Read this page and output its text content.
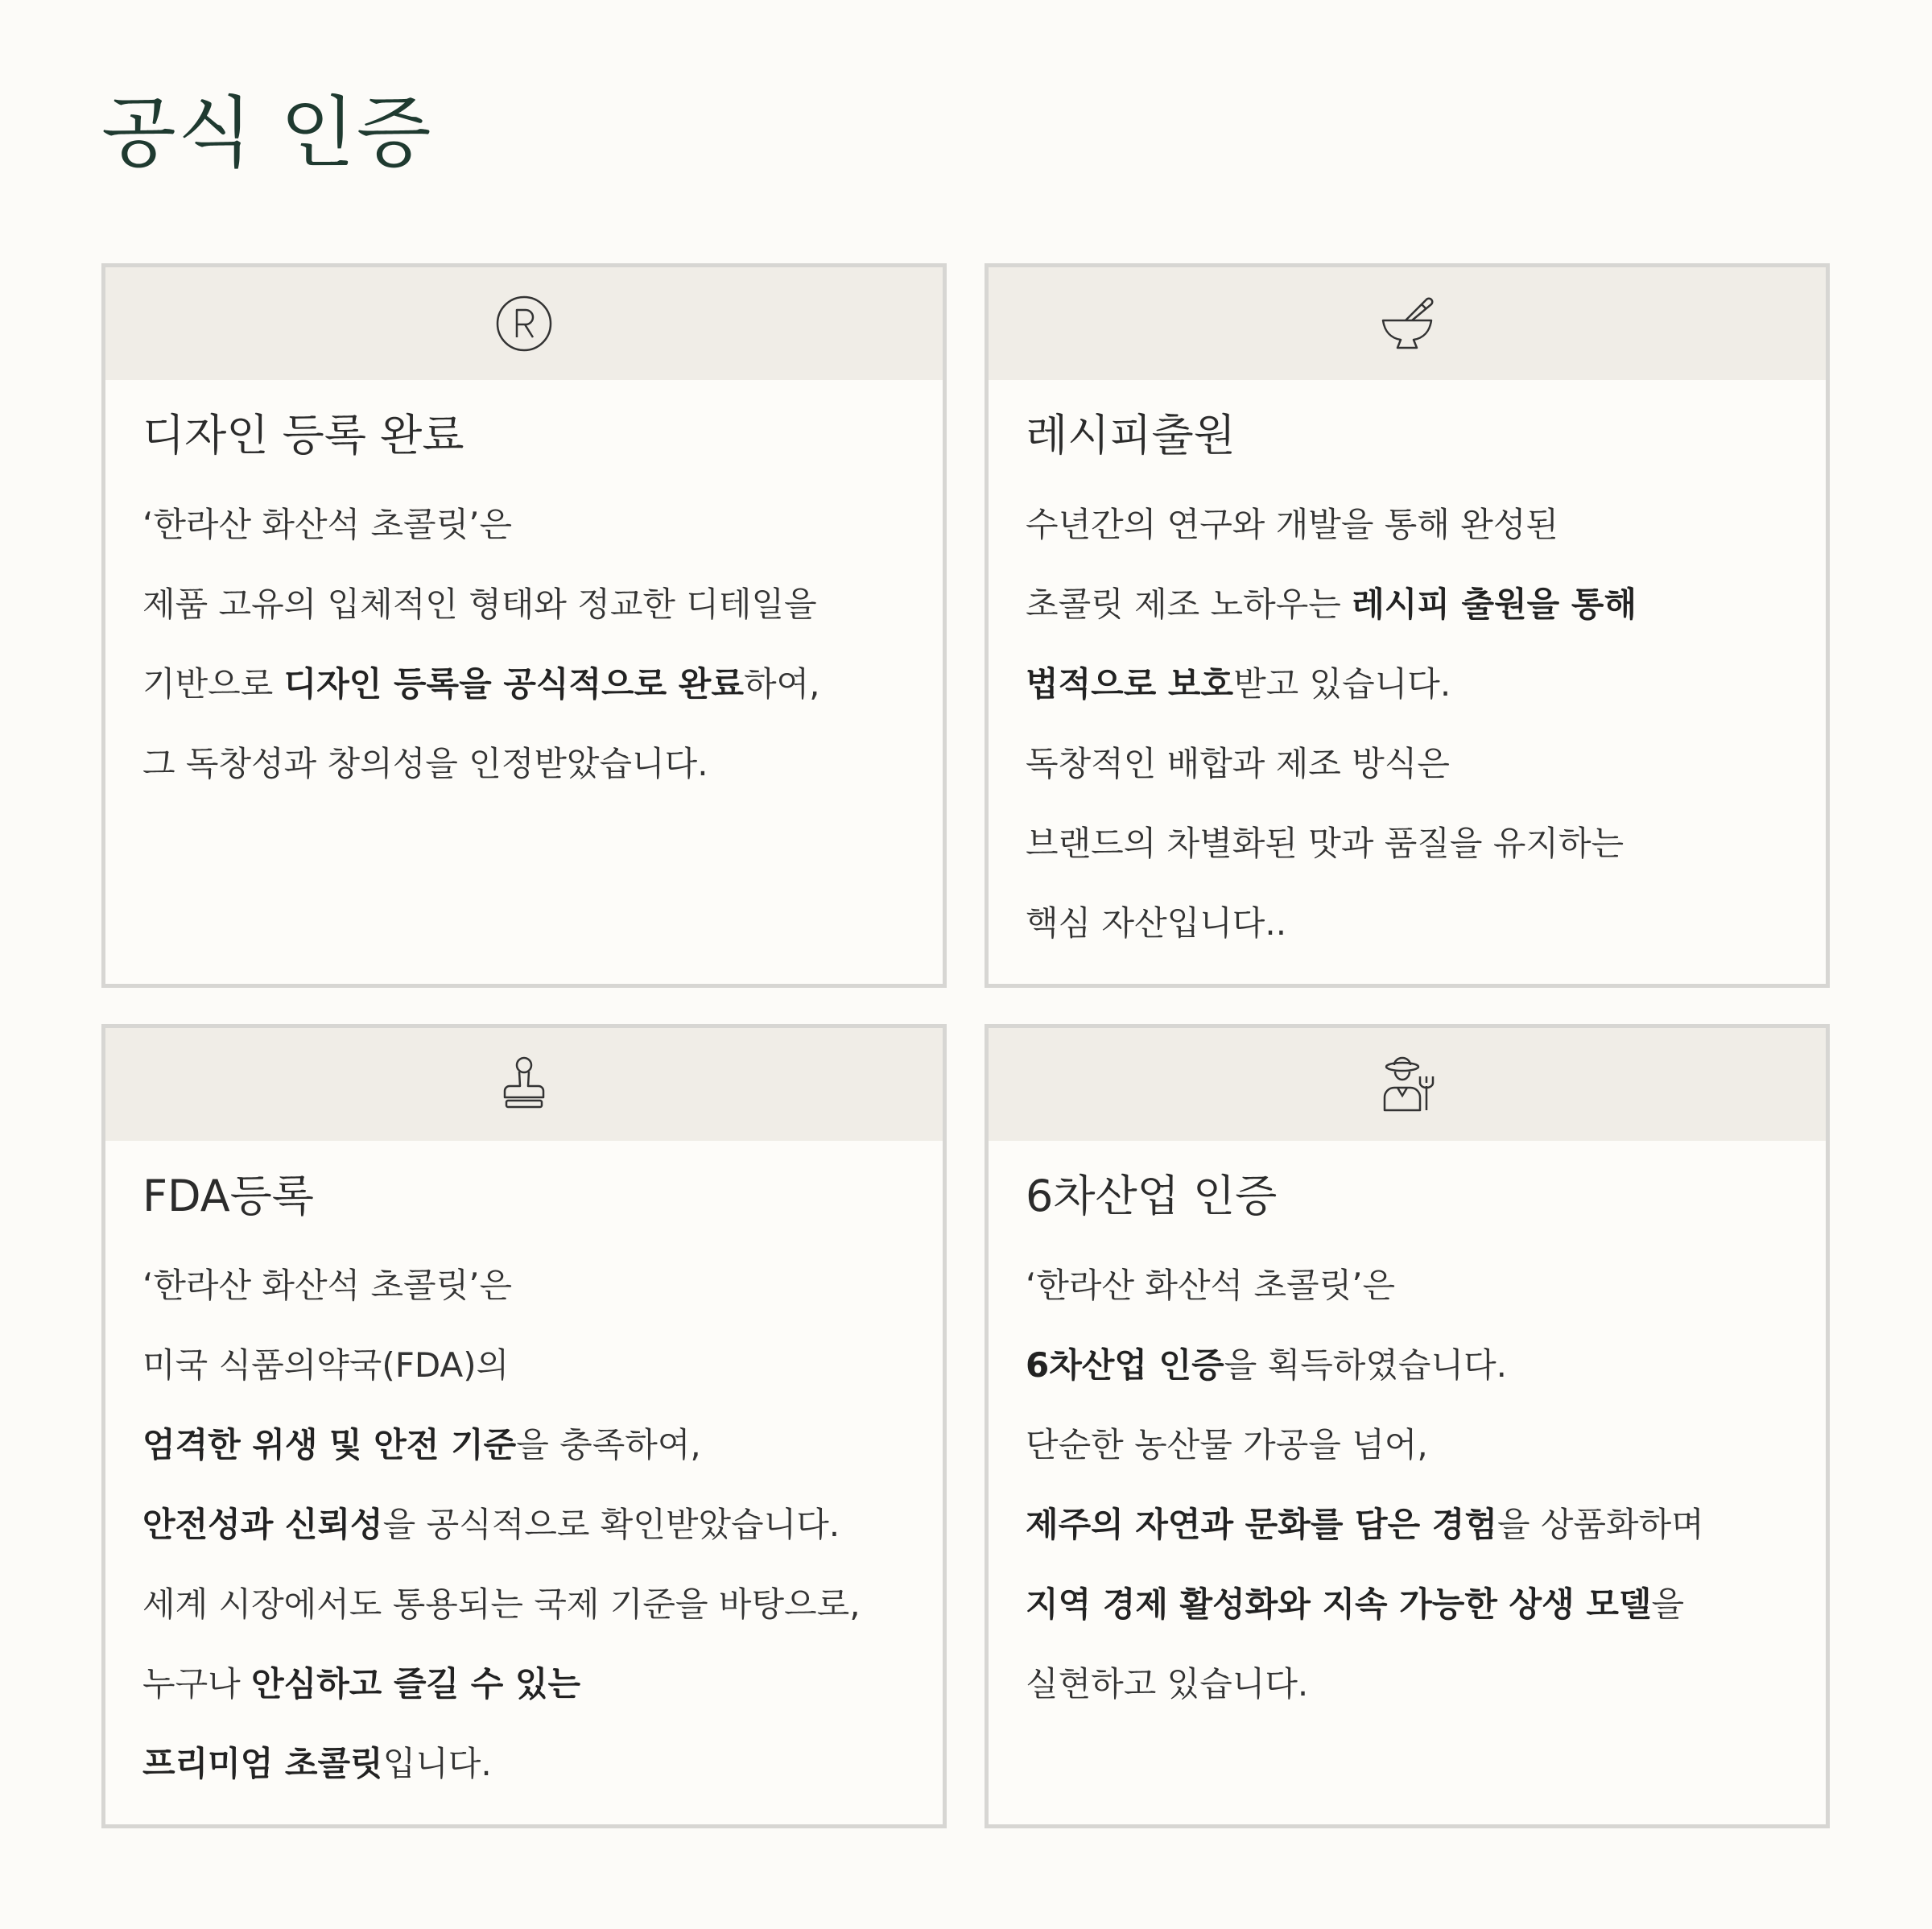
공식 인증
디자인 등록 완료
‘한라산 화산석 초콜릿’은
제품 고유의 입체적인 형태와 정교한 디테일을
기반으로 디자인 등록을 공식적으로 완료하여,
그 독창성과 창의성을 인정받았습니다.
레시피출원
수년간의 연구와 개발을 통해 완성된
초콜릿 제조 노하우는 레시피 출원을 통해
법적으로 보호받고 있습니다.
독창적인 배합과 제조 방식은
브랜드의 차별화된 맛과 품질을 유지하는
핵심 자산입니다..
FDA등록
‘한라산 화산석 초콜릿’은
미국 식품의약국(FDA)의
엄격한 위생 및 안전 기준을 충족하여,
안전성과 신뢰성을 공식적으로 확인받았습니다.
세계 시장에서도 통용되는 국제 기준을 바탕으로,
누구나 안심하고 즐길 수 있는
프리미엄 초콜릿입니다.
6차산업 인증
‘한라산 화산석 초콜릿’은
6차산업 인증을 획득하였습니다.
단순한 농산물 가공을 넘어,
제주의 자연과 문화를 담은 경험을 상품화하며
지역 경제 활성화와 지속 가능한 상생 모델을
실현하고 있습니다.
